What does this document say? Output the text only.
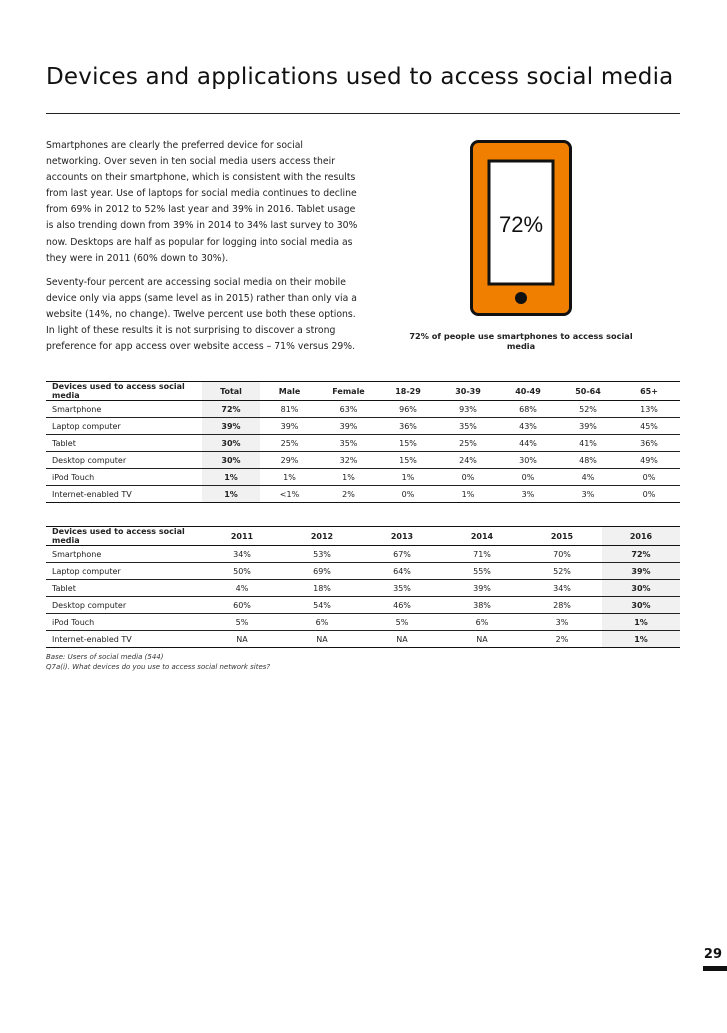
Devices and applications used to access social media

Smartphones are clearly the preferred device for social networking. Over seven in ten social media users access their accounts on their smartphone, which is consistent with the results from last year. Use of laptops for social media continues to decline from 69% in 2012 to 52% last year and 39% in 2016. Tablet usage is also trending down from 39% in 2014 to 34% last survey to 30% now. Desktops are half as popular for logging into social media as they were in 2011 (60% down to 30%).

Seventy-four percent are accessing social media on their mobile device only via apps (same level as in 2015) rather than only via a website (14%, no change). Twelve percent use both these options. In light of these results it is not surprising to discover a strong preference for app access over website access – 71% versus 29%.

72%
72% of people use smartphones to access social media
Devices used to access social media	Total	Male	Female	18-29	30-39	40-49	50-64	65+
Smartphone	72%	81%	63%	96%	93%	68%	52%	13%
Laptop computer	39%	39%	39%	36%	35%	43%	39%	45%
Tablet	30%	25%	35%	15%	25%	44%	41%	36%
Desktop computer	30%	29%	32%	15%	24%	30%	48%	49%
iPod Touch	1%	1%	1%	1%	0%	0%	4%	0%
Internet-enabled TV	1%	<1%	2%	0%	1%	3%	3%	0%
Devices used to access social media	2011	2012	2013	2014	2015	2016
Smartphone	34%	53%	67%	71%	70%	72%
Laptop computer	50%	69%	64%	55%	52%	39%
Tablet	4%	18%	35%	39%	34%	30%
Desktop computer	60%	54%	46%	38%	28%	30%
iPod Touch	5%	6%	5%	6%	3%	1%
Internet-enabled TV	NA	NA	NA	NA	2%	1%
Base: Users of social media (544)
Q7a(i). What devices do you use to access social network sites?
29
